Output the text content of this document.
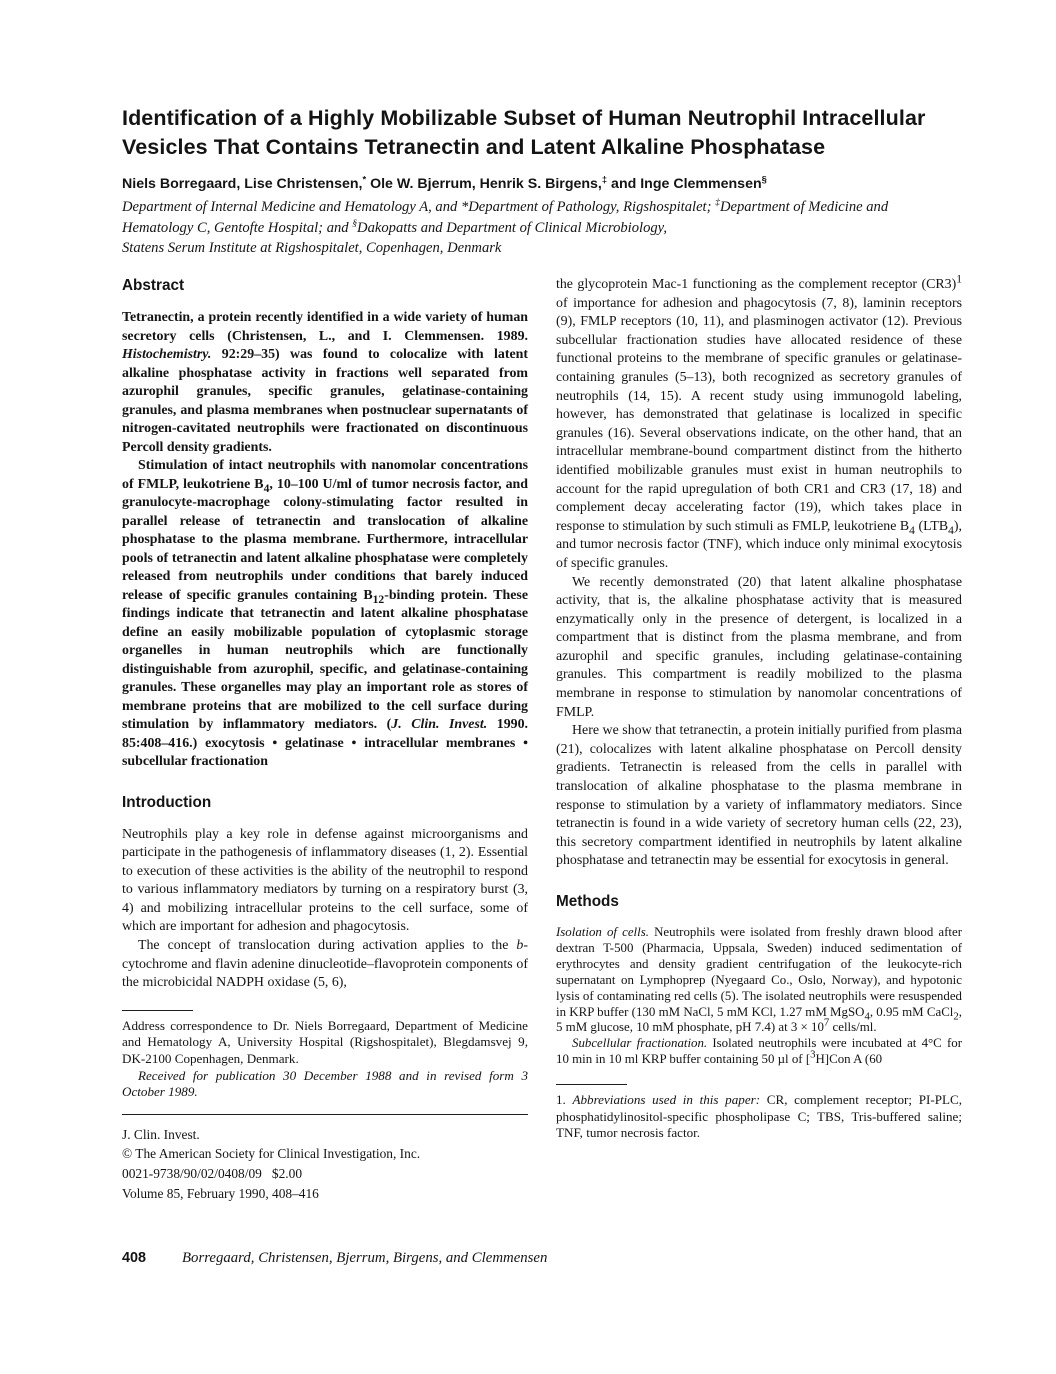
Identification of a Highly Mobilizable Subset of Human Neutrophil Intracellular Vesicles That Contains Tetranectin and Latent Alkaline Phosphatase

Niels Borregaard, Lise Christensen,* Ole W. Bjerrum, Henrik S. Birgens,‡ and Inge Clemmensen§

Department of Internal Medicine and Hematology A, and *Department of Pathology, Rigshospitalet; ‡Department of Medicine and

Hematology C, Gentofte Hospital; and §Dakopatts and Department of Clinical Microbiology,

Statens Serum Institute at Rigshospitalet, Copenhagen, Denmark

Abstract

Tetranectin, a protein recently identified in a wide variety of human secretory cells (Christensen, L., and I. Clemmensen. 1989. Histochemistry. 92:29–35) was found to colocalize with latent alkaline phosphatase activity in fractions well separated from azurophil granules, specific granules, gelatinase-containing granules, and plasma membranes when postnuclear supernatants of nitrogen-cavitated neutrophils were fractionated on discontinuous Percoll density gradients.

Stimulation of intact neutrophils with nanomolar concentrations of FMLP, leukotriene $B_4$, 10–100 U/ml of tumor necrosis factor, and granulocyte-macrophage colony-stimulating factor resulted in parallel release of tetranectin and translocation of alkaline phosphatase to the plasma membrane. Furthermore, intracellular pools of tetranectin and latent alkaline phosphatase were completely released from neutrophils under conditions that barely induced release of specific granules containing $B_{12}$-binding protein. These findings indicate that tetranectin and latent alkaline phosphatase define an easily mobilizable population of cytoplasmic storage organelles in human neutrophils which are functionally distinguishable from azurophil, specific, and gelatinase-containing granules. These organelles may play an important role as stores of membrane proteins that are mobilized to the cell surface during stimulation by inflammatory mediators. (J. Clin. Invest. 1990. 85:408–416.) exocytosis • gelatinase • intracellular membranes • subcellular fractionation

Introduction

Neutrophils play a key role in defense against microorganisms and participate in the pathogenesis of inflammatory diseases (1, 2). Essential to execution of these activities is the ability of the neutrophil to respond to various inflammatory mediators by turning on a respiratory burst (3, 4) and mobilizing intracellular proteins to the cell surface, some of which are important for adhesion and phagocytosis.

The concept of translocation during activation applies to the b-cytochrome and flavin adenine dinucleotide–flavoprotein components of the microbicidal NADPH oxidase (5, 6),

Address correspondence to Dr. Niels Borregaard, Department of Medicine and Hematology A, University Hospital (Rigshospitalet), Blegdamsvej 9, DK-2100 Copenhagen, Denmark.

Received for publication 30 December 1988 and in revised form 3 October 1989.

J. Clin. Invest.

© The American Society for Clinical Investigation, Inc.

0021-9738/90/02/0408/09   $2.00

Volume 85, February 1990, 408–416

the glycoprotein Mac-1 functioning as the complement receptor $(CR3)^1$ of importance for adhesion and phagocytosis (7, 8), laminin receptors (9), FMLP receptors (10, 11), and plasminogen activator (12). Previous subcellular fractionation studies have allocated residence of these functional proteins to the membrane of specific granules or gelatinase-containing granules (5–13), both recognized as secretory granules of neutrophils (14, 15). A recent study using immunogold labeling, however, has demonstrated that gelatinase is localized in specific granules (16). Several observations indicate, on the other hand, that an intracellular membrane-bound compartment distinct from the hitherto identified mobilizable granules must exist in human neutrophils to account for the rapid upregulation of both CR1 and CR3 (17, 18) and complement decay accelerating factor (19), which takes place in response to stimulation by such stimuli as FMLP, leukotriene $B_4$ $(LTB_4)$, and tumor necrosis factor (TNF), which induce only minimal exocytosis of specific granules.

We recently demonstrated (20) that latent alkaline phosphatase activity, that is, the alkaline phosphatase activity that is measured enzymatically only in the presence of detergent, is localized in a compartment that is distinct from the plasma membrane, and from azurophil and specific granules, including gelatinase-containing granules. This compartment is readily mobilized to the plasma membrane in response to stimulation by nanomolar concentrations of FMLP.

Here we show that tetranectin, a protein initially purified from plasma (21), colocalizes with latent alkaline phosphatase on Percoll density gradients. Tetranectin is released from the cells in parallel with translocation of alkaline phosphatase to the plasma membrane in response to stimulation by a variety of inflammatory mediators. Since tetranectin is found in a wide variety of secretory human cells (22, 23), this secretory compartment identified in neutrophils by latent alkaline phosphatase and tetranectin may be essential for exocytosis in general.

Methods

Isolation of cells. Neutrophils were isolated from freshly drawn blood after dextran T-500 (Pharmacia, Uppsala, Sweden) induced sedimentation of erythrocytes and density gradient centrifugation of the leukocyte-rich supernatant on Lymphoprep (Nyegaard Co., Oslo, Norway), and hypotonic lysis of contaminating red cells (5). The isolated neutrophils were resuspended in KRP buffer (130 mM NaCl, 5 mM KCl, 1.27 mM MgSO$_4$, 0.95 mM CaCl$_2$, 5 mM glucose, 10 mM phosphate, pH 7.4) at $3 \times 10^7$ cells/ml.

Subcellular fractionation. Isolated neutrophils were incubated at 4°C for 10 min in 10 ml KRP buffer containing 50 µl of [$^3$H]Con A (60

1. Abbreviations used in this paper: CR, complement receptor; PI-PLC, phosphatidylinositol-specific phospholipase C; TBS, Tris-buffered saline; TNF, tumor necrosis factor.

408 Borregaard, Christensen, Bjerrum, Birgens, and Clemmensen
